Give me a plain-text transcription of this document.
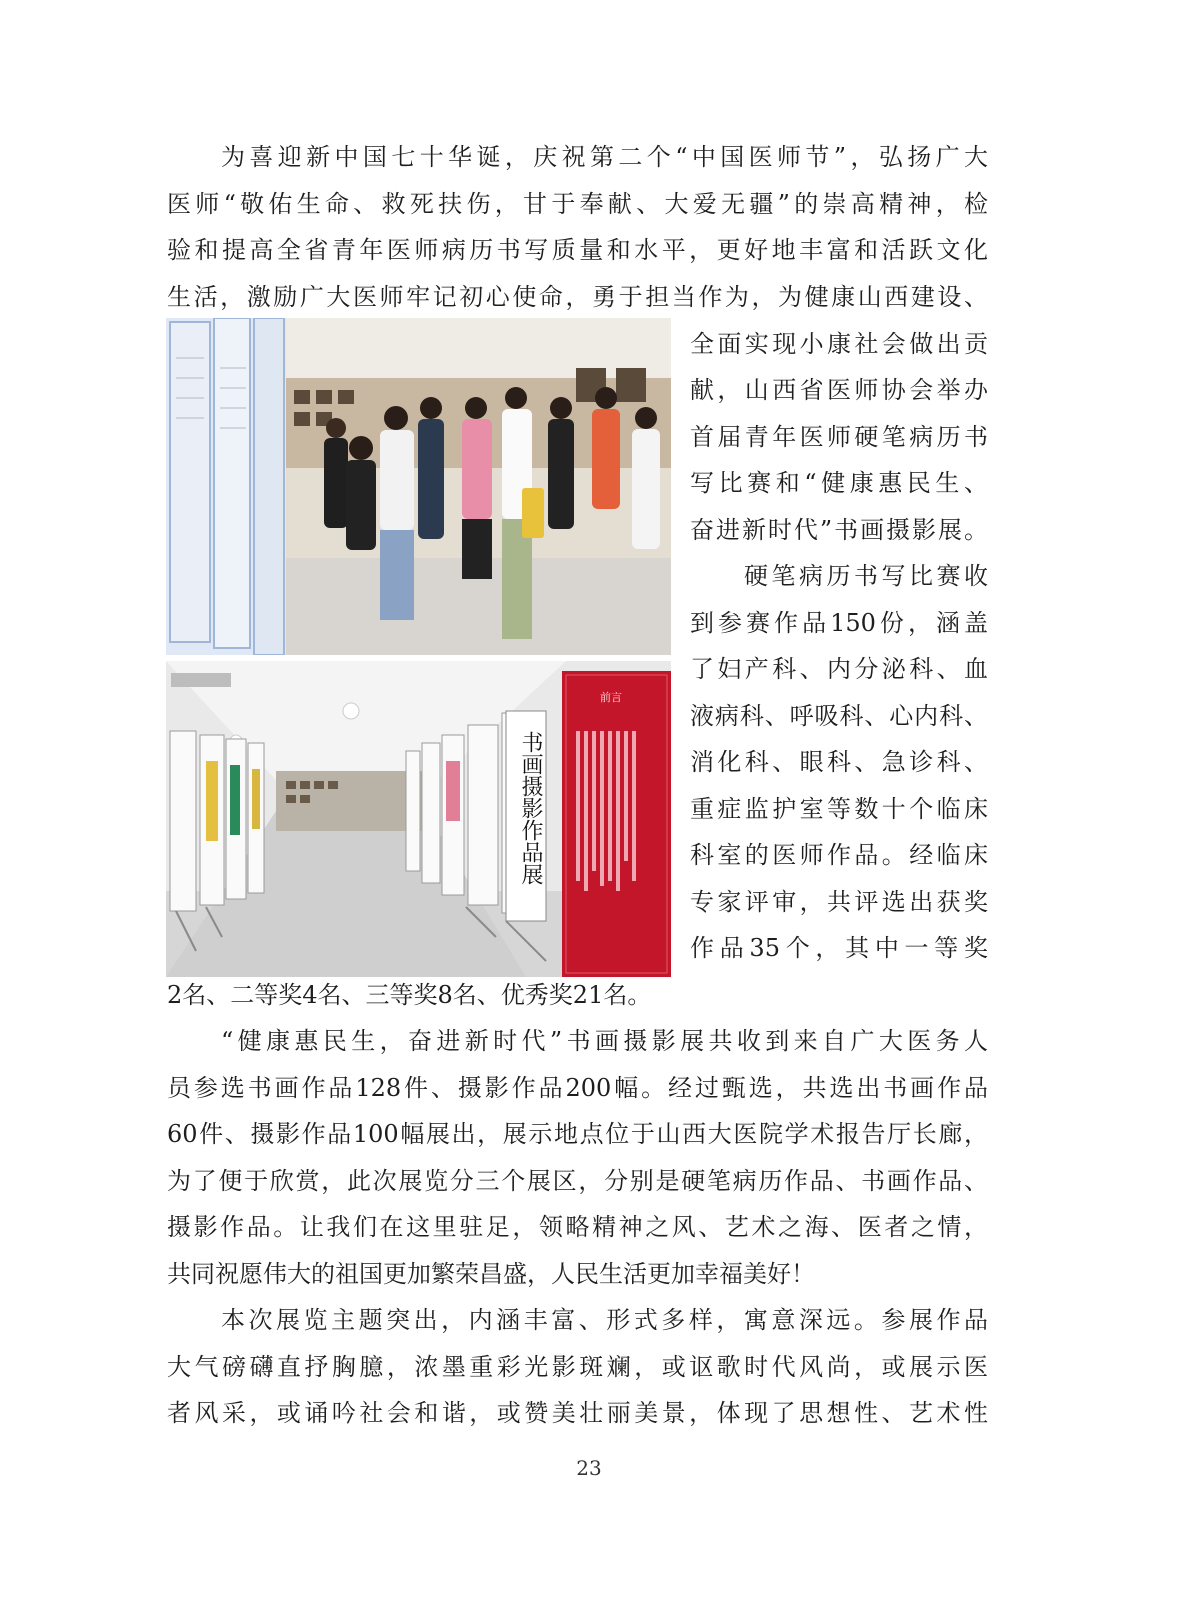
为喜迎新中国七十华诞，庆祝第二个“中国医师节”，弘扬广大
医师“敬佑生命、救死扶伤，甘于奉献、大爱无疆”的崇高精神，检
验和提高全省青年医师病历书写质量和水平，更好地丰富和活跃文化
生活，激励广大医师牢记初心使命，勇于担当作为，为健康山西建设、
书画摄影作品展
前言
全面实现小康社会做出贡
献，山西省医师协会举办
首届青年医师硬笔病历书
写比赛和“健康惠民生、
奋进新时代”书画摄影展。
硬笔病历书写比赛收
到参赛作品150份，涵盖
了妇产科、内分泌科、血
液病科、呼吸科、心内科、
消化科、眼科、急诊科、
重症监护室等数十个临床
科室的医师作品。经临床
专家评审，共评选出获奖
作品35个，其中一等奖
2名、二等奖4名、三等奖8名、优秀奖21名。
“健康惠民生，奋进新时代”书画摄影展共收到来自广大医务人
员参选书画作品128件、摄影作品200幅。经过甄选，共选出书画作品
60件、摄影作品100幅展出，展示地点位于山西大医院学术报告厅长廊，
为了便于欣赏，此次展览分三个展区，分别是硬笔病历作品、书画作品、
摄影作品。让我们在这里驻足，领略精神之风、艺术之海、医者之情，
共同祝愿伟大的祖国更加繁荣昌盛，人民生活更加幸福美好！
本次展览主题突出，内涵丰富、形式多样，寓意深远。参展作品
大气磅礴直抒胸臆，浓墨重彩光影斑斓，或讴歌时代风尚，或展示医
者风采，或诵吟社会和谐，或赞美壮丽美景，体现了思想性、艺术性
23
